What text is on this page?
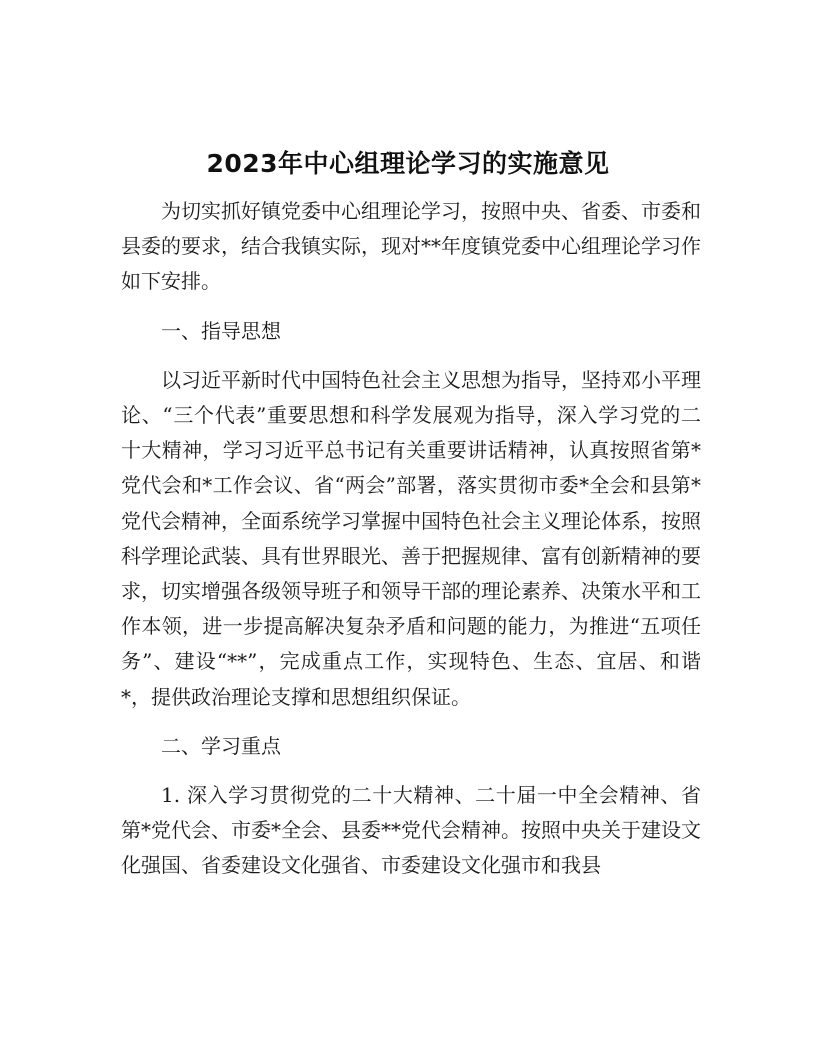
2023年中心组理论学习的实施意见

为切实抓好镇党委中心组理论学习，按照中央、省委、市委和县委的要求，结合我镇实际，现对**年度镇党委中心组理论学习作如下安排。

一、指导思想

以习近平新时代中国特色社会主义思想为指导，坚持邓小平理论、“三个代表”重要思想和科学发展观为指导，深入学习党的二十大精神，学习习近平总书记有关重要讲话精神，认真按照省第*党代会和*工作会议、省“两会”部署，落实贯彻市委*全会和县第*党代会精神，全面系统学习掌握中国特色社会主义理论体系，按照科学理论武装、具有世界眼光、善于把握规律、富有创新精神的要求，切实增强各级领导班子和领导干部的理论素养、决策水平和工作本领，进一步提高解决复杂矛盾和问题的能力，为推进“五项任务”、建设“**”，完成重点工作，实现特色、生态、宜居、和谐*，提供政治理论支撑和思想组织保证。

二、学习重点

1. 深入学习贯彻党的二十大精神、二十届一中全会精神、省第*党代会、市委*全会、县委**党代会精神。按照中央关于建设文化强国、省委建设文化强省、市委建设文化强市和我县
